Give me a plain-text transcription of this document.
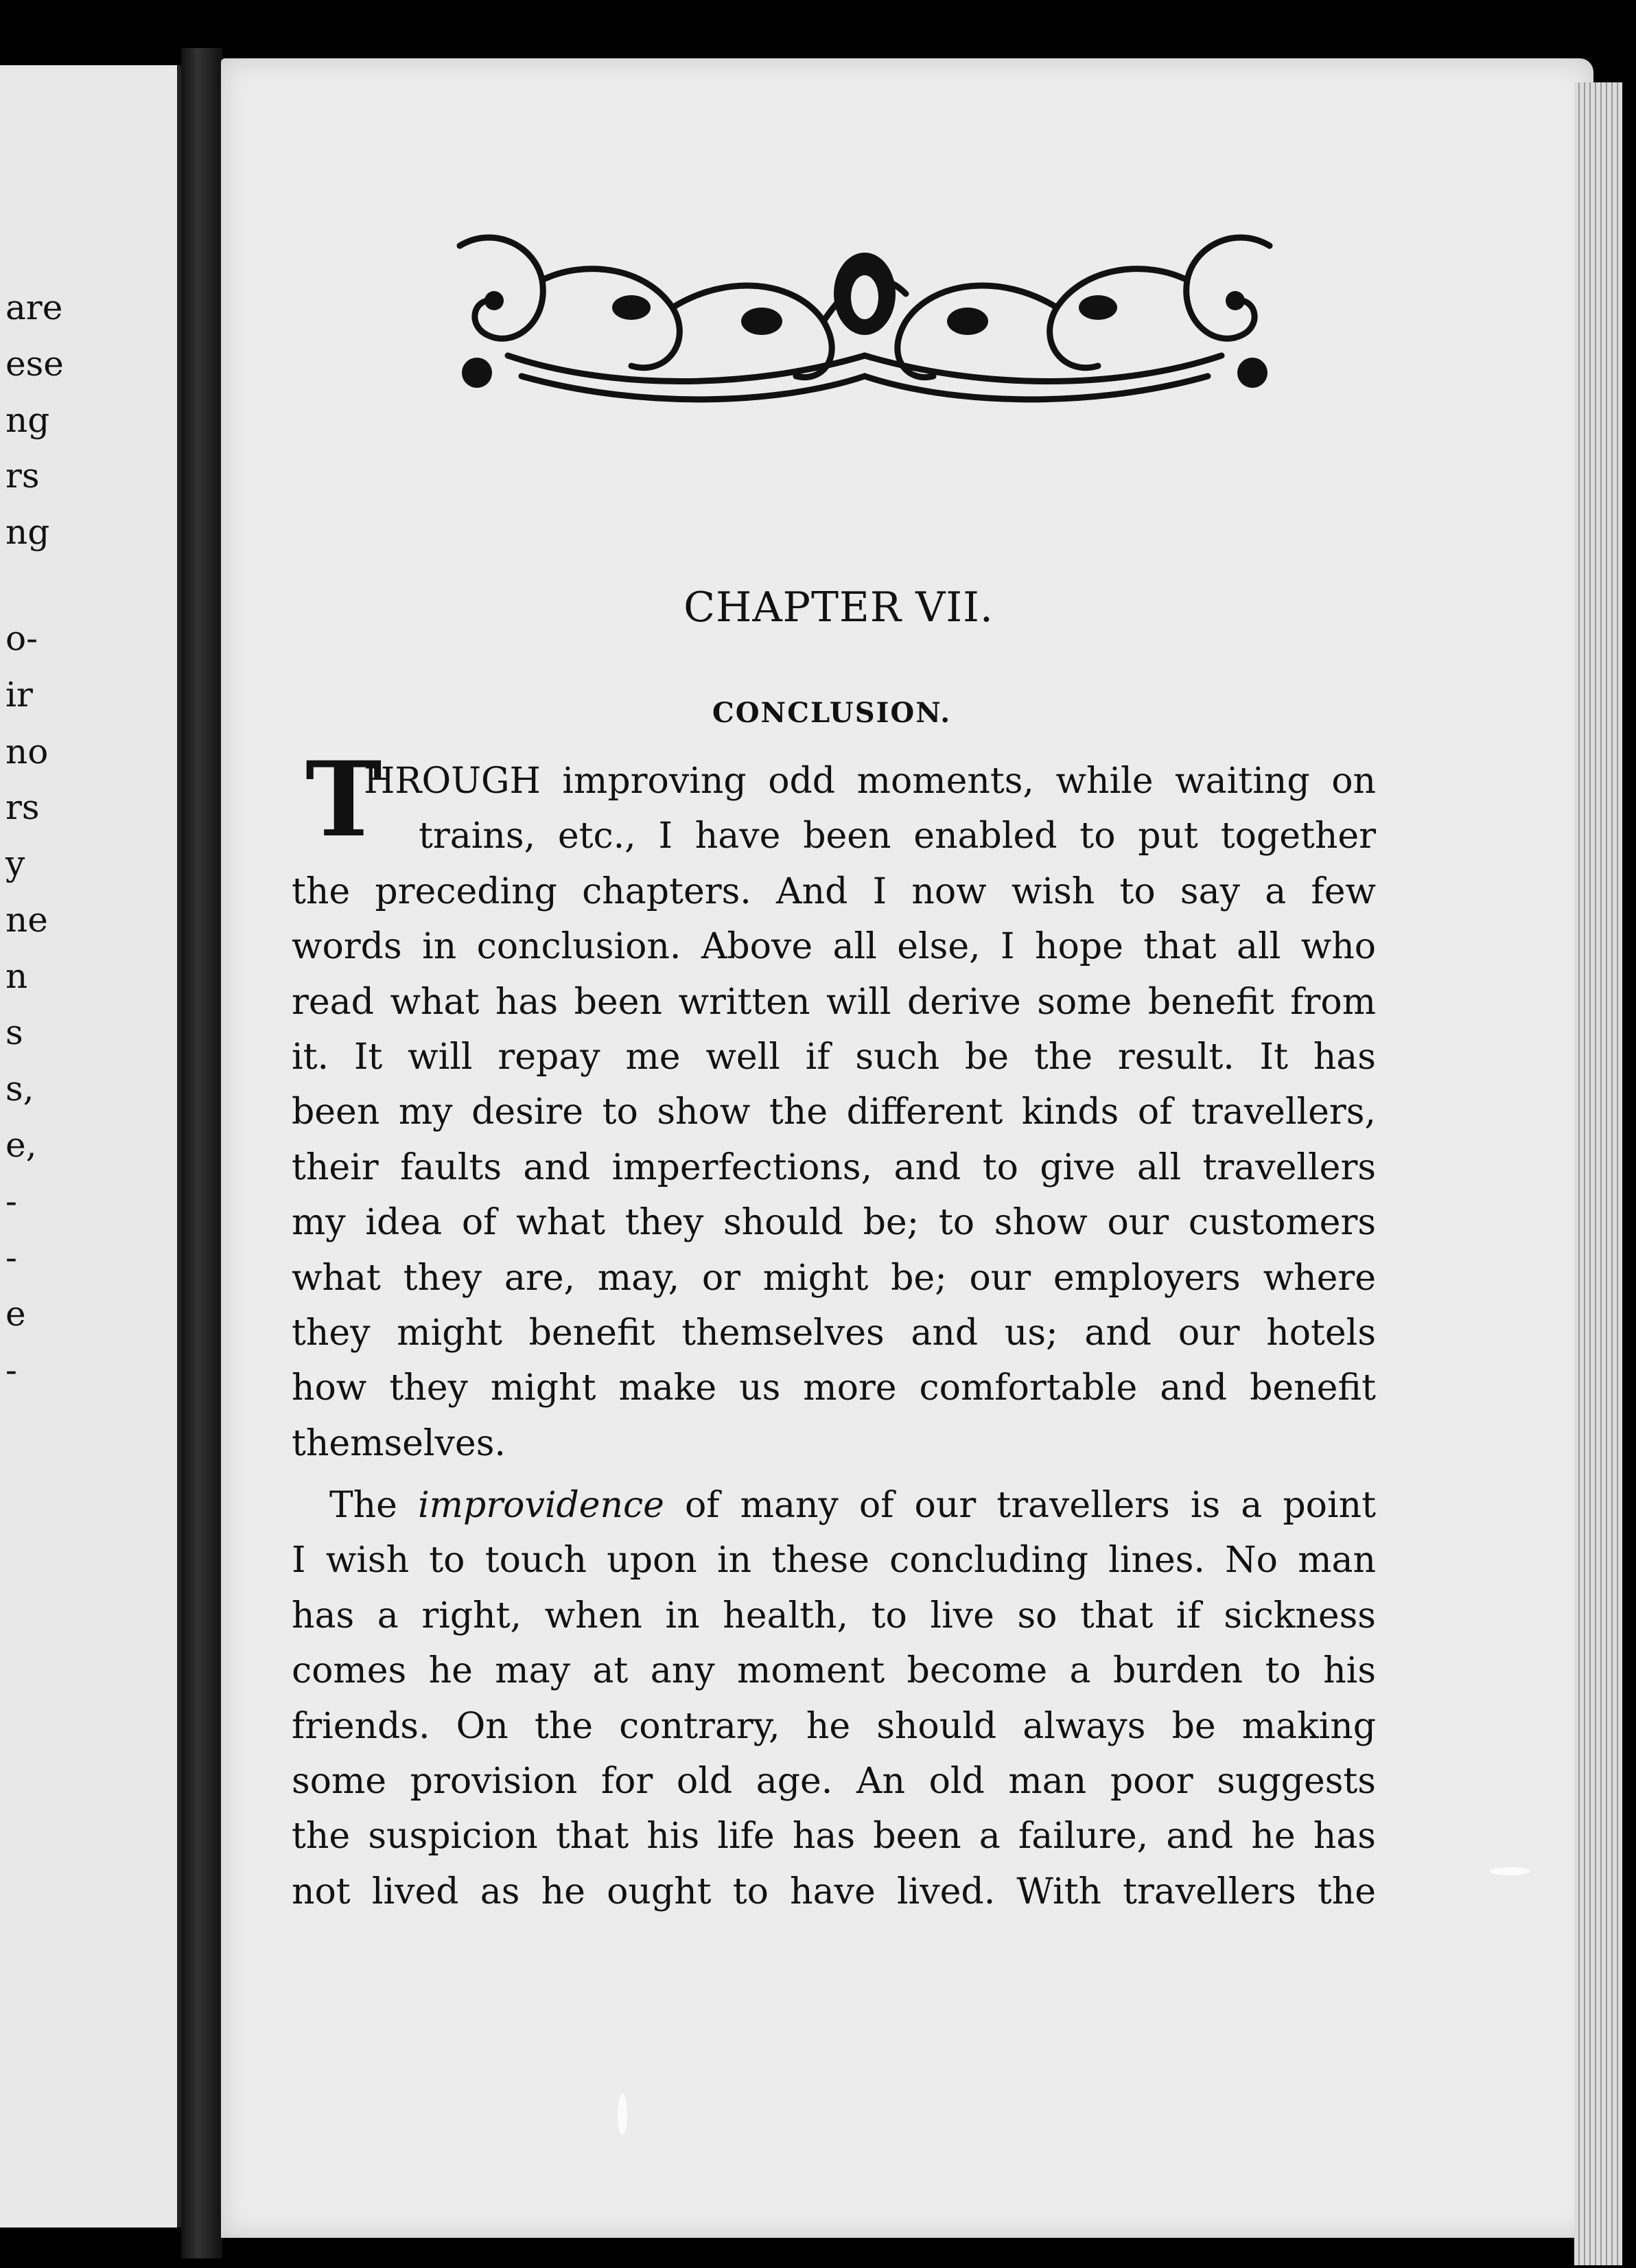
are
ese
ng
rs
ng
o-
ir
no
rs
y
ne
n
s
s,
e,
-
-
e
-
CHAPTER VII.
CONCLUSION.
T
HROUGH improving odd moments, while waiting on
trains, etc., I have been enabled to put together
the preceding chapters. And I now wish to say a few
words in conclusion. Above all else, I hope that all who
read what has been written will derive some benefit from
it. It will repay me well if such be the result. It has
been my desire to show the different kinds of travellers,
their faults and imperfections, and to give all travellers
my idea of what they should be; to show our customers
what they are, may, or might be; our employers where
they might benefit themselves and us; and our hotels
how they might make us more comfortable and benefit
themselves.
The improvidence of many of our travellers is a point
I wish to touch upon in these concluding lines. No man
has a right, when in health, to live so that if sickness
comes he may at any moment become a burden to his
friends. On the contrary, he should always be making
some provision for old age. An old man poor suggests
the suspicion that his life has been a failure, and he has
not lived as he ought to have lived. With travellers the
